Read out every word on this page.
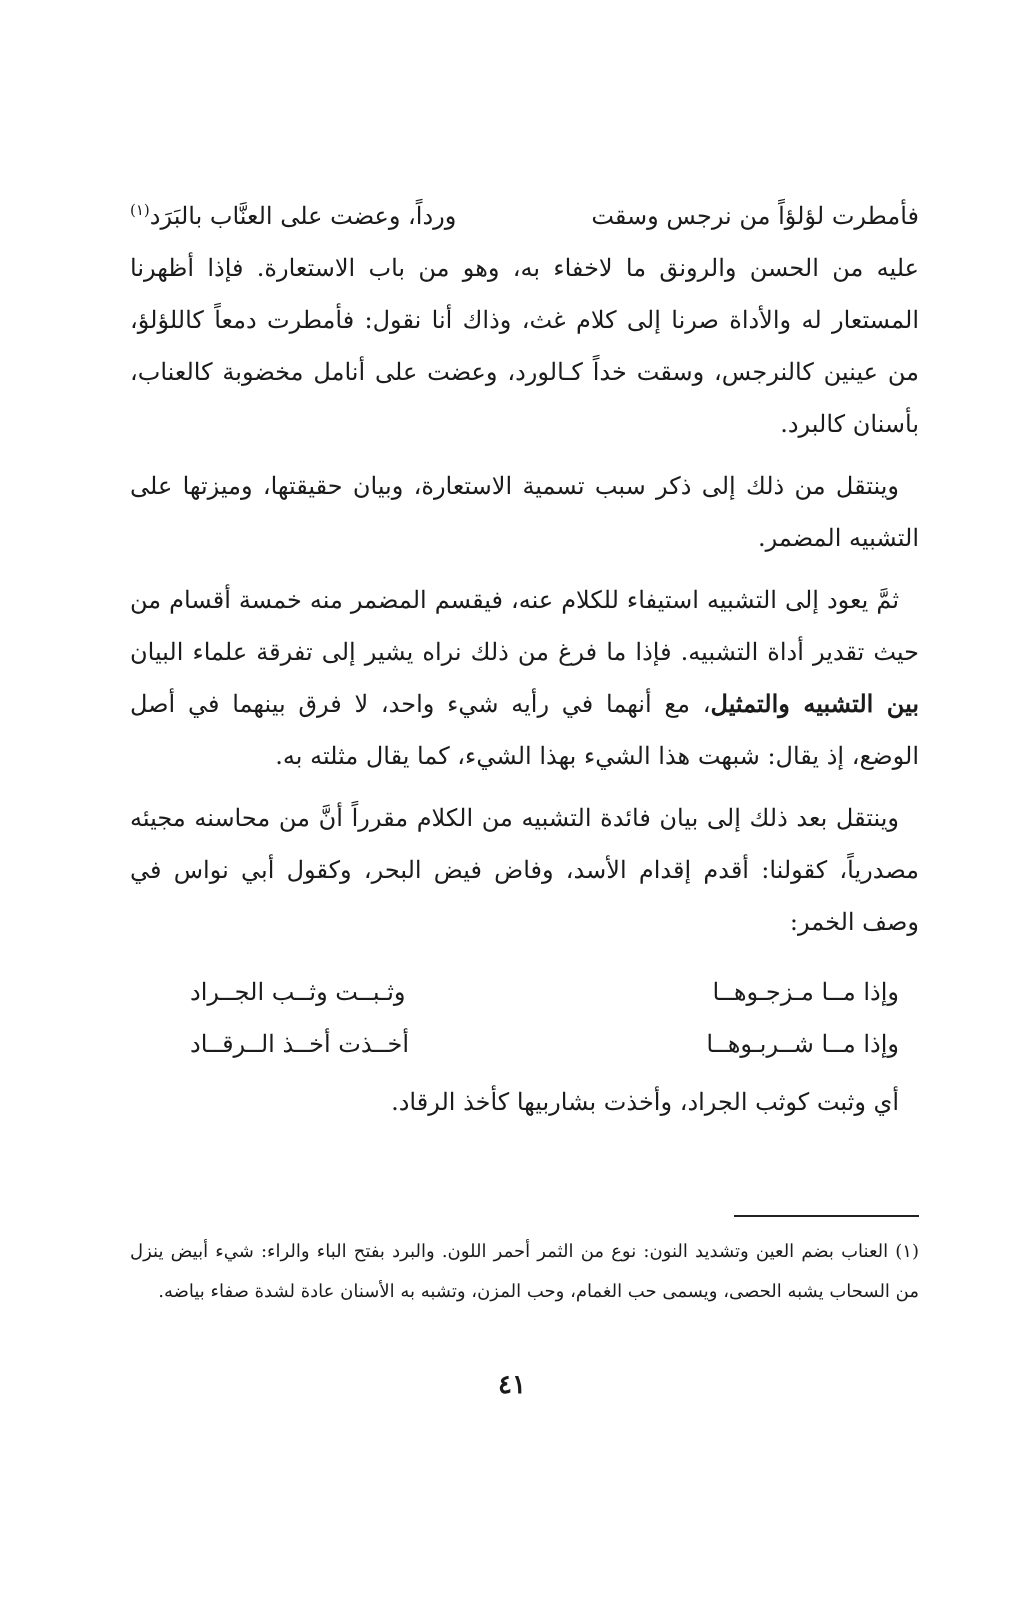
فأمطرت لؤلؤاً من نرجس وسقت
ورداً، وعضت على العنَّاب بالبَرَد$^{(١)}$

عليه من الحسن والرونق ما لاخفاء به، وهو من باب الاستعارة. فإذا أظهرنا المستعار له والأداة صرنا إلى كلام غث، وذاك أنا نقول: فأمطرت دمعاً كاللؤلؤ، من عينين كالنرجس، وسقت خداً كـالورد، وعضت على أنامل مخضوبة كالعناب، بأسنان كالبرد.

وينتقل من ذلك إلى ذكر سبب تسمية الاستعارة، وبيان حقيقتها، وميزتها على التشبيه المضمر.

ثمَّ يعود إلى التشبيه استيفاء للكلام عنه، فيقسم المضمر منه خمسة أقسام من حيث تقدير أداة التشبيه. فإذا ما فرغ من ذلك نراه يشير إلى تفرقة علماء البيان بين التشبيه والتمثيل، مع أنهما في رأيه شيء واحد، لا فرق بينهما في أصل الوضع، إذ يقال: شبهت هذا الشيء بهذا الشيء، كما يقال مثلته به.

وينتقل بعد ذلك إلى بيان فائدة التشبيه من الكلام مقرراً أنَّ من محاسنه مجيئه مصدرياً، كقولنا: أقدم إقدام الأسد، وفاض فيض البحر، وكقول أبي نواس في وصف الخمر:

وإذا مــا مـزجـوهــا
وثـبــت وثــب الجــراد
وإذا مــا شــربـوهــا
أخــذت أخــذ الــرقــاد

أي وثبت كوثب الجراد، وأخذت بشاربيها كأخذ الرقاد.

(١) العناب بضم العين وتشديد النون: نوع من الثمر أحمر اللون. والبرد بفتح الباء والراء: شيء أبيض ينزل من السحاب يشبه الحصى، ويسمى حب الغمام، وحب المزن، وتشبه به الأسنان عادة لشدة صفاء بياضه.

٤١
